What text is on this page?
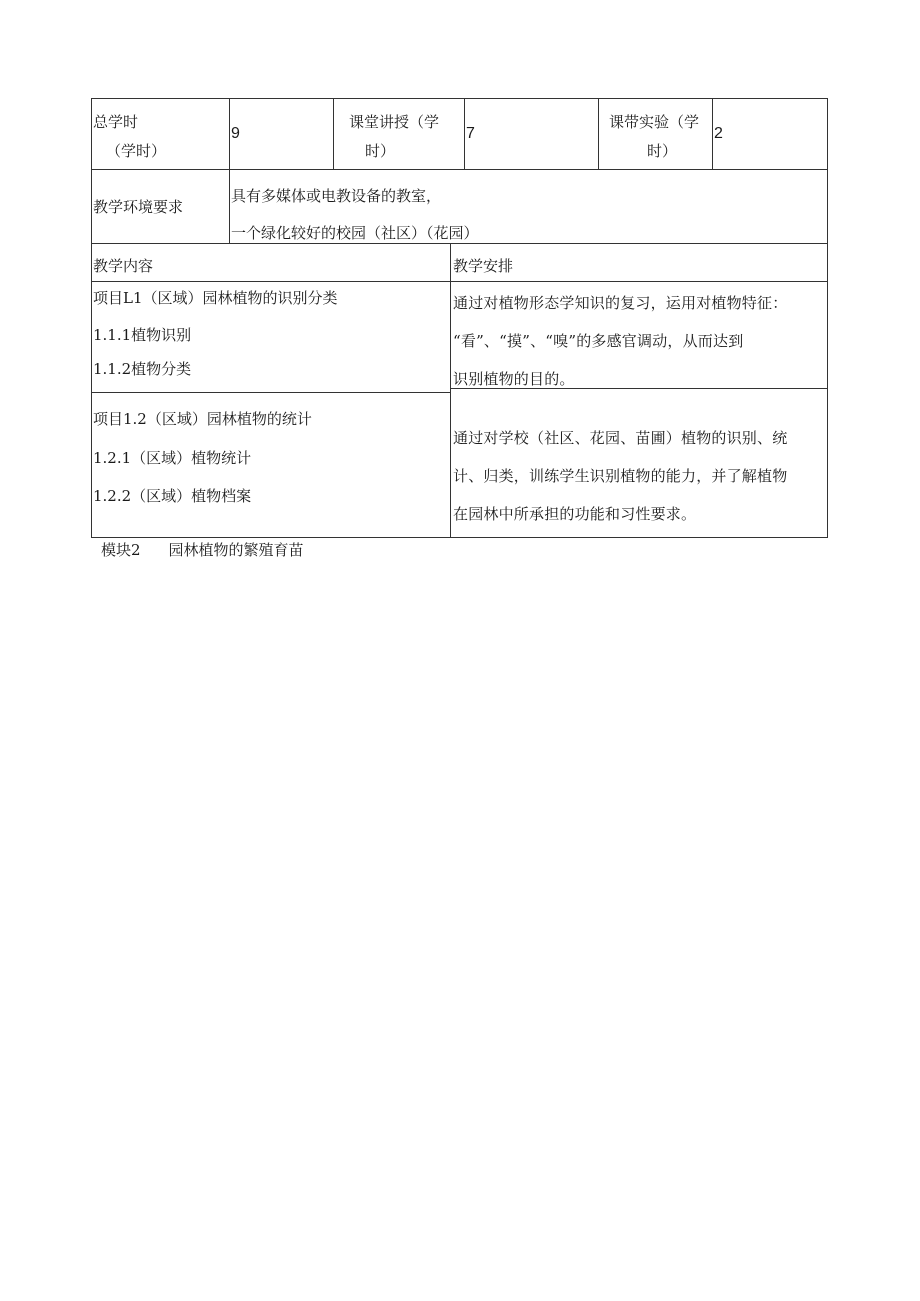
总学时
（学时）
9
课堂讲授（学
时）
7
课带实验（学
时）
2
教学环境要求
具有多媒体或电教设备的教室，
一个绿化较好的校园（社区）（花园）
教学内容	教学安排
项目L1（区域）园林植物的识别分类
1.1.1植物识别
1.1.2植物分类
通过对植物形态学知识的复习，运用对植物特征：
“看”、“摸”、“嗅”的多感官调动，从而达到
识别植物的目的。
项目1.2（区域）园林植物的统计
1.2.1（区域）植物统计
1.2.2（区域）植物档案
通过对学校（社区、花园、苗圃）植物的识别、统
计、归类，训练学生识别植物的能力，并了解植物
在园林中所承担的功能和习性要求。
模块2 园林植物的繁殖育苗
